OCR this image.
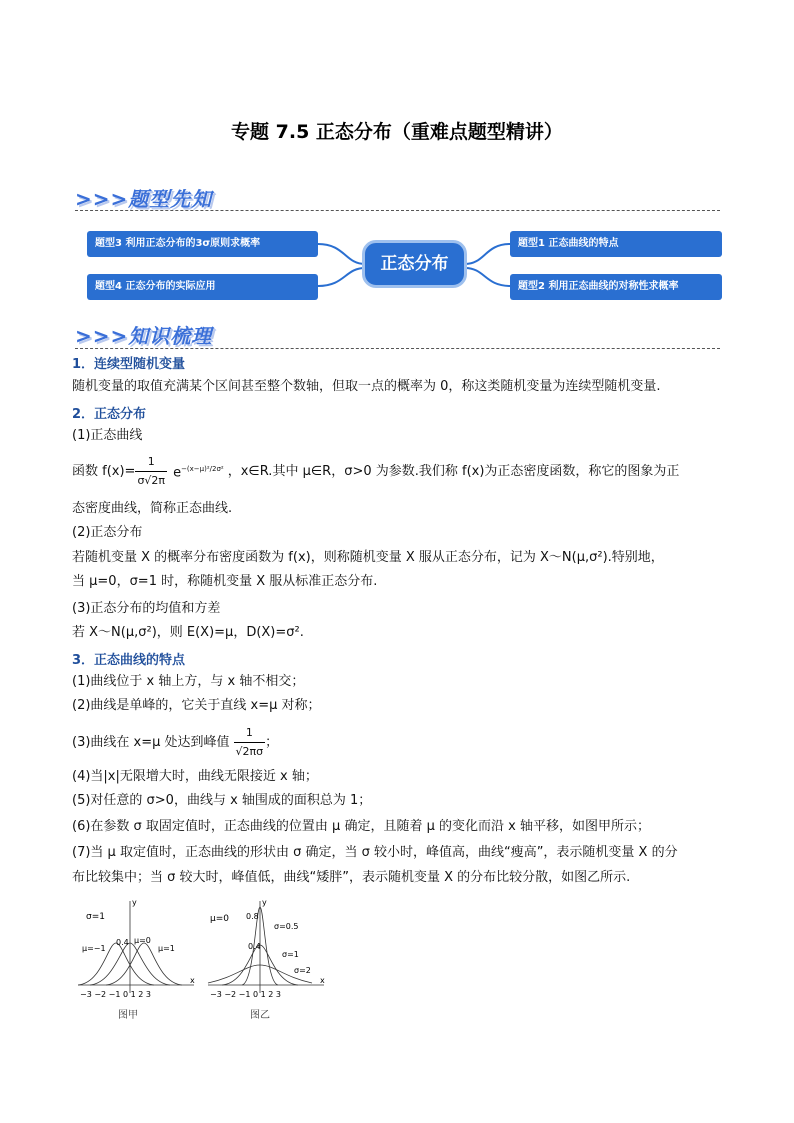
专题 7.5 正态分布（重难点题型精讲）
>>>题型先知
题型3 利用正态分布的3σ原则求概率
题型4 正态分布的实际应用
正态分布
题型1 正态曲线的特点
题型2 利用正态曲线的对称性求概率
>>>知识梳理
1．连续型随机变量
随机变量的取值充满某个区间甚至整个数轴，但取一点的概率为 0，称这类随机变量为连续型随机变量.
2．正态分布
(1)正态曲线
函数 $f(x)= \frac{1}{\sigma√2\pi} e^{-(x-\mu)^2/2\sigma^2}$ ，x∈R.其中 μ∈R，σ>0 为参数.我们称 f(x)为正态密度函数，称它的图象为正
态密度曲线，简称正态曲线.
(2)正态分布
若随机变量 X 的概率分布密度函数为 f(x)，则称随机变量 X 服从正态分布，记为 X～N(μ,σ²).特别地，
当 μ=0，σ=1 时，称随机变量 X 服从标准正态分布.
(3)正态分布的均值和方差
若 X～N(μ,σ²)，则 E(X)=μ，D(X)=σ².
3．正态曲线的特点
(1)曲线位于 x 轴上方，与 x 轴不相交；
(2)曲线是单峰的，它关于直线 x=μ 对称；
(3)曲线在 x=μ 处达到峰值 $\frac{1}{√2\pi\sigma}$ ；
(4)当|x|无限增大时，曲线无限接近 x 轴；
(5)对任意的 σ>0，曲线与 x 轴围成的面积总为 1；
(6)在参数 σ 取固定值时，正态曲线的位置由 μ 确定，且随着 μ 的变化而沿 x 轴平移，如图甲所示；
(7)当 μ 取定值时，正态曲线的形状由 σ 确定，当 σ 较小时，峰值高，曲线“瘦高”，表示随机变量 X 的分
布比较集中；当 σ 较大时，峰值低，曲线“矮胖”，表示随机变量 X 的分布比较分散，如图乙所示.
σ=1
μ=−1
0.4 μ=0
μ=1
−3 −2 −1 0 1 2 3
x
y
图甲
μ=0 0.8
0.4
σ=0.5
σ=1
σ=2
−3 −2 −1 0 1 2 3
x
y
图乙
